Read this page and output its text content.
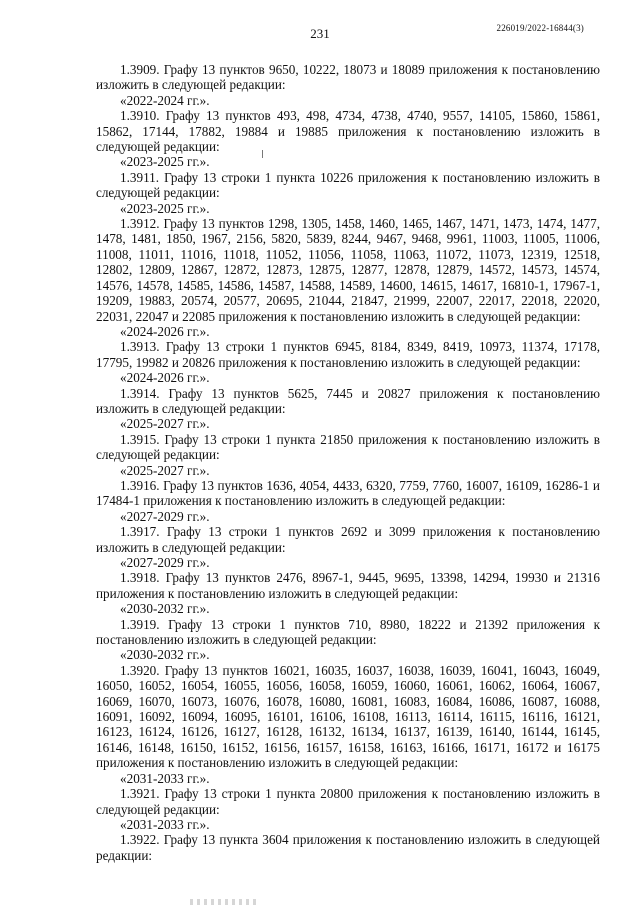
231	226019/2022-16844(3)

1.3909. Графу 13 пунктов 9650, 10222, 18073 и 18089 приложения к постановлению изложить в следующей редакции:

«2022-2024 гг.».

1.3910. Графу 13 пунктов 493, 498, 4734, 4738, 4740, 9557, 14105, 15860, 15861, 15862, 17144, 17882, 19884 и 19885 приложения к постановлению изложить в следующей редакции:

«2023-2025 гг.».

1.3911. Графу 13 строки 1 пункта 10226 приложения к постановлению изложить в следующей редакции:

«2023-2025 гг.».

1.3912. Графу 13 пунктов 1298, 1305, 1458, 1460, 1465, 1467, 1471, 1473, 1474, 1477, 1478, 1481, 1850, 1967, 2156, 5820, 5839, 8244, 9467, 9468, 9961, 11003, 11005, 11006, 11008, 11011, 11016, 11018, 11052, 11056, 11058, 11063, 11072, 11073, 12319, 12518, 12802, 12809, 12867, 12872, 12873, 12875, 12877, 12878, 12879, 14572, 14573, 14574, 14576, 14578, 14585, 14586, 14587, 14588, 14589, 14600, 14615, 14617, 16810-1, 17967-1, 19209, 19883, 20574, 20577, 20695, 21044, 21847, 21999, 22007, 22017, 22018, 22020, 22031, 22047 и 22085 приложения к постановлению изложить в следующей редакции:

«2024-2026 гг.».

1.3913. Графу 13 строки 1 пунктов 6945, 8184, 8349, 8419, 10973, 11374, 17178, 17795, 19982 и 20826 приложения к постановлению изложить в следующей редакции:

«2024-2026 гг.».

1.3914. Графу 13 пунктов 5625, 7445 и 20827 приложения к постановлению изложить в следующей редакции:

«2025-2027 гг.».

1.3915. Графу 13 строки 1 пункта 21850 приложения к постановлению изложить в следующей редакции:

«2025-2027 гг.».

1.3916. Графу 13 пунктов 1636, 4054, 4433, 6320, 7759, 7760, 16007, 16109, 16286-1 и 17484-1 приложения к постановлению изложить в следующей редакции:

«2027-2029 гг.».

1.3917. Графу 13 строки 1 пунктов 2692 и 3099 приложения к постановлению изложить в следующей редакции:

«2027-2029 гг.».

1.3918. Графу 13 пунктов 2476, 8967-1, 9445, 9695, 13398, 14294, 19930 и 21316 приложения к постановлению изложить в следующей редакции:

«2030-2032 гг.».

1.3919. Графу 13 строки 1 пунктов 710, 8980, 18222 и 21392 приложения к постановлению изложить в следующей редакции:

«2030-2032 гг.».

1.3920. Графу 13 пунктов 16021, 16035, 16037, 16038, 16039, 16041, 16043, 16049, 16050, 16052, 16054, 16055, 16056, 16058, 16059, 16060, 16061, 16062, 16064, 16067, 16069, 16070, 16073, 16076, 16078, 16080, 16081, 16083, 16084, 16086, 16087, 16088, 16091, 16092, 16094, 16095, 16101, 16106, 16108, 16113, 16114, 16115, 16116, 16121, 16123, 16124, 16126, 16127, 16128, 16132, 16134, 16137, 16139, 16140, 16144, 16145, 16146, 16148, 16150, 16152, 16156, 16157, 16158, 16163, 16166, 16171, 16172 и 16175 приложения к постановлению изложить в следующей редакции:

«2031-2033 гг.».

1.3921. Графу 13 строки 1 пункта 20800 приложения к постановлению изложить в следующей редакции:

«2031-2033 гг.».

1.3922. Графу 13 пункта 3604 приложения к постановлению изложить в следующей редакции:
